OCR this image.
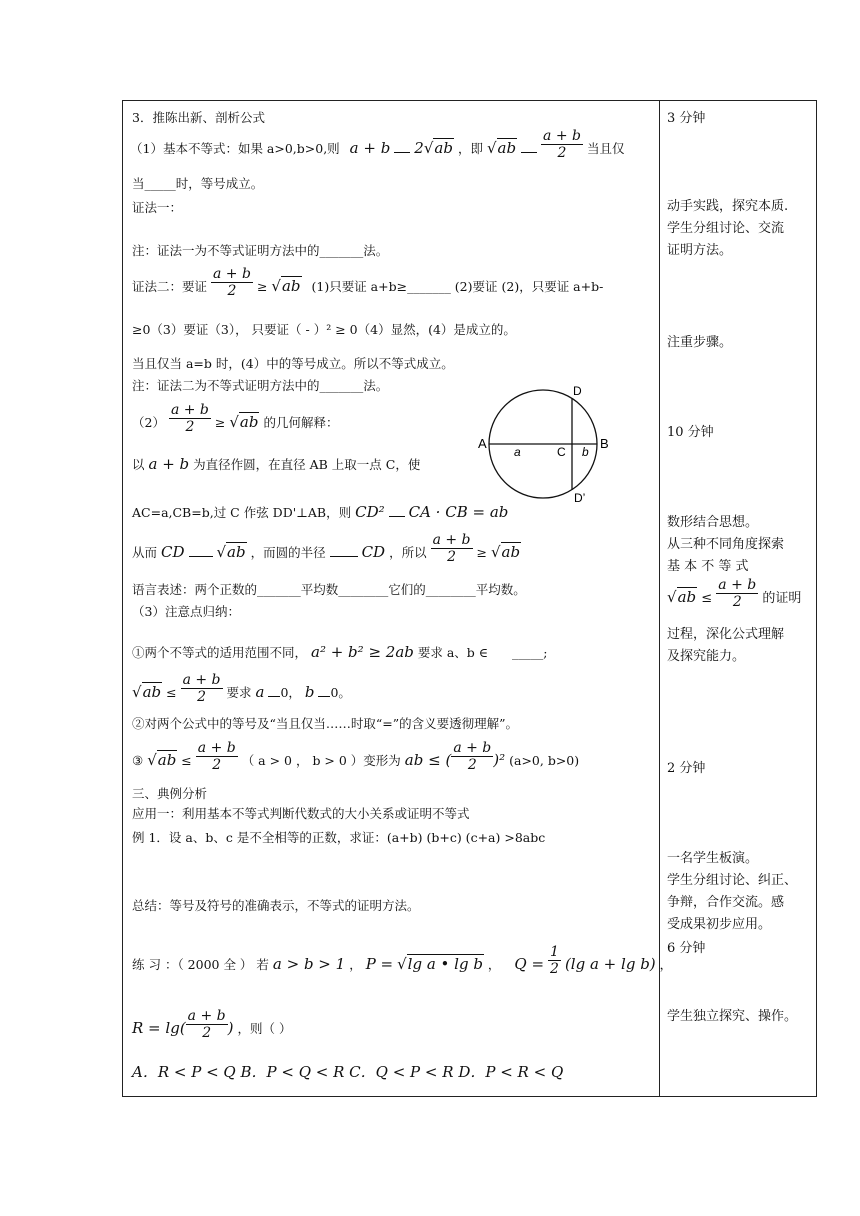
3．推陈出新、剖析公式
（1）基本不等式：如果 a>0,b>0,则 a + b 2 √ ab ，即 √ ab $\frac{a + b}{2}$ 当且仅
当_____时，等号成立。
证法一：
注：证法一为不等式证明方法中的_______法。
证法二：要证 $\frac{a + b}{2}$ ≥ √ ab (1)只要证 a+b≥_______ (2)要证 (2)，只要证 a+b-
≥0（3）要证（3）， 只要证（ - ）² ≥ 0（4）显然，(4）是成立的。
当且仅当 a=b 时，(4）中的等号成立。所以不等式成立。
注：证法二为不等式证明方法中的_______法。
$(2) \frac{a + b}{2}$ ≥ √ ab 的几何解释：
A	B
C
D
D’
a	b
以 a + b 为直径作圆，在直径 AB 上取一点 C，使
AC=a,CB=b,过 C 作弦 DD'⊥AB，则 CD² CA · CB = ab
从而 CD	√ ab ，而圆的半径 CD ，所以 $\frac{a + b}{2}$ ≥ √ ab
语言表述：两个正数的_______平均数________它们的________平均数。
（3）注意点归纳：
①两个不等式的适用范围不同， a² + b² ≥ 2ab 要求 a、b ∈ _____;
√ ab ≤ $\frac{a + b}{2}$ 要求 a 0， b 0。
②对两个公式中的等号及“当且仅当……时取“=”的含义要透彻理解”。
③ √ ab ≤ $\frac{a + b}{2}$ （ a > 0 ， b > 0 ）变形为 ab ≤ ( $\frac{a + b}{2} )^2$ (a>0, b>0)
三、典例分析
应用一：利用基本不等式判断代数式的大小关系或证明不等式
例 1．设 a、b、c 是不全相等的正数，求证：(a+b) (b+c) (c+a) >8abc
总结：等号及符号的准确表示，不等式的证明方法。
练 习 ：（ 2000 全 ） 若 a > b > 1 ， P = √ lg a • lg b ， $Q = \frac{1}{2} (\lg$ a + lg b) ，
$R = \lg( \frac{a + b}{2}$ ) ，则（ ）
A．R < P < Q B．P < Q < R C．Q < P < R D．P < R < Q
3 分钟
动手实践，探究本质.
学生分组讨论、交流
证明方法。
注重步骤。
10 分钟
数形结合思想。
从三种不同角度探索
基 本 不 等 式
√ ab ≤ $\frac{a + b}{2}$ 的证明
过程，深化公式理解
及探究能力。
2 分钟
一名学生板演。
学生分组讨论、纠正、
争辩，合作交流。感
受成果初步应用。
6 分钟
学生独立探究、操作。
